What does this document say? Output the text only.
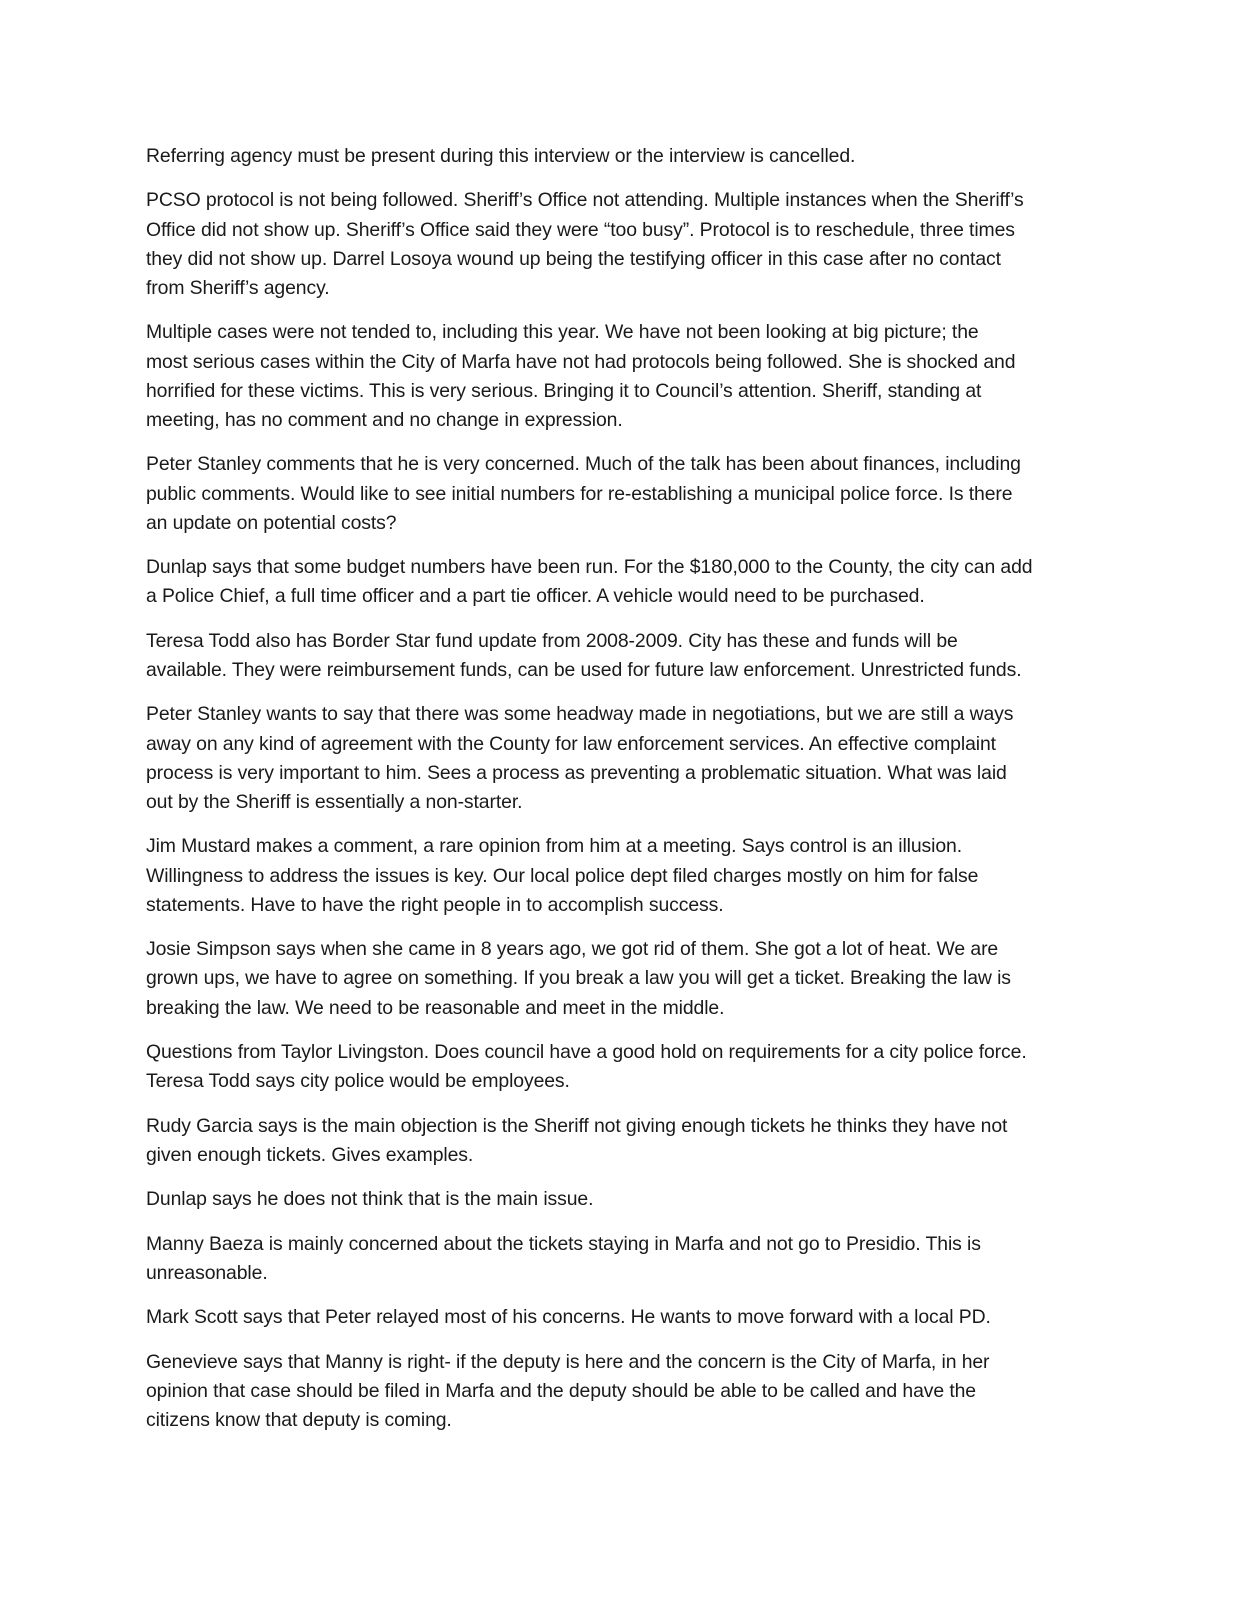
Referring agency must be present during this interview or the interview is cancelled.

PCSO protocol is not being followed. Sheriff’s Office not attending. Multiple instances when the Sheriff’s
Office did not show up. Sheriff’s Office said they were “too busy”. Protocol is to reschedule, three times
they did not show up. Darrel Losoya wound up being the testifying officer in this case after no contact
from Sheriff’s agency.

Multiple cases were not tended to, including this year. We have not been looking at big picture; the
most serious cases within the City of Marfa have not had protocols being followed. She is shocked and
horrified for these victims. This is very serious. Bringing it to Council’s attention. Sheriff, standing at
meeting, has no comment and no change in expression.

Peter Stanley comments that he is very concerned. Much of the talk has been about finances, including
public comments. Would like to see initial numbers for re-establishing a municipal police force. Is there
an update on potential costs?

Dunlap says that some budget numbers have been run. For the $180,000 to the County, the city can add
a Police Chief, a full time officer and a part tie officer. A vehicle would need to be purchased.

Teresa Todd also has Border Star fund update from 2008-2009. City has these and funds will be
available. They were reimbursement funds, can be used for future law enforcement. Unrestricted funds.

Peter Stanley wants to say that there was some headway made in negotiations, but we are still a ways
away on any kind of agreement with the County for law enforcement services. An effective complaint
process is very important to him. Sees a process as preventing a problematic situation. What was laid
out by the Sheriff is essentially a non-starter.

Jim Mustard makes a comment, a rare opinion from him at a meeting. Says control is an illusion.
Willingness to address the issues is key. Our local police dept filed charges mostly on him for false
statements. Have to have the right people in to accomplish success.

Josie Simpson says when she came in 8 years ago, we got rid of them. She got a lot of heat. We are
grown ups, we have to agree on something. If you break a law you will get a ticket. Breaking the law is
breaking the law. We need to be reasonable and meet in the middle.

Questions from Taylor Livingston. Does council have a good hold on requirements for a city police force.
Teresa Todd says city police would be employees.

Rudy Garcia says is the main objection is the Sheriff not giving enough tickets he thinks they have not
given enough tickets. Gives examples.

Dunlap says he does not think that is the main issue.

Manny Baeza is mainly concerned about the tickets staying in Marfa and not go to Presidio. This is
unreasonable.

Mark Scott says that Peter relayed most of his concerns. He wants to move forward with a local PD.

Genevieve says that Manny is right- if the deputy is here and the concern is the City of Marfa, in her
opinion that case should be filed in Marfa and the deputy should be able to be called and have the
citizens know that deputy is coming.
